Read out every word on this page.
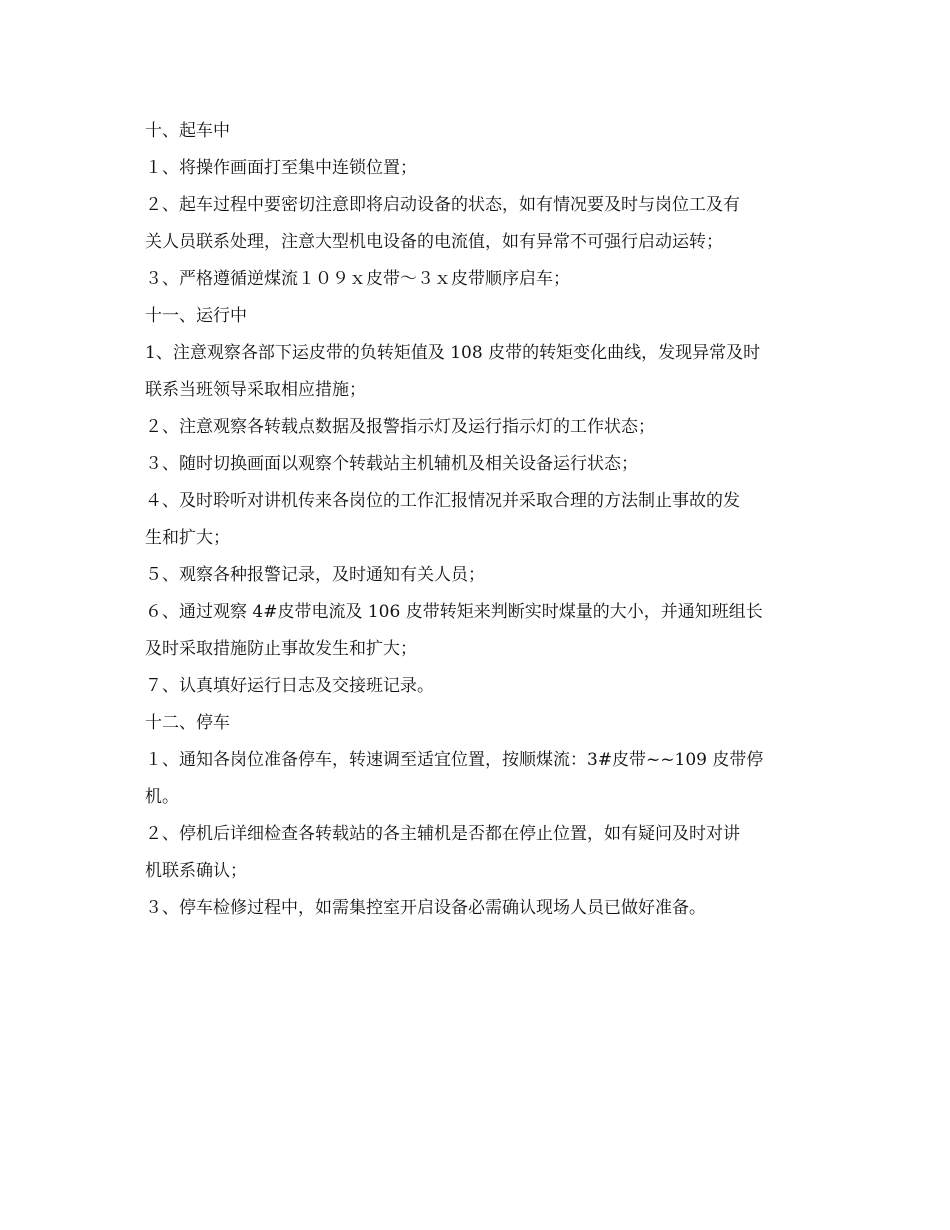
十、起车中

１、将操作画面打至集中连锁位置；

２、起车过程中要密切注意即将启动设备的状态，如有情况要及时与岗位工及有

关人员联系处理，注意大型机电设备的电流值，如有异常不可强行启动运转；

３、严格遵循逆煤流１０９ｘ皮带～３ｘ皮带顺序启车；

十一、运行中

1、注意观察各部下运皮带的负转矩值及 108 皮带的转矩变化曲线，发现异常及时

联系当班领导采取相应措施；

２、注意观察各转载点数据及报警指示灯及运行指示灯的工作状态；

３、随时切换画面以观察个转载站主机辅机及相关设备运行状态；

４、及时聆听对讲机传来各岗位的工作汇报情况并采取合理的方法制止事故的发

生和扩大；

５、观察各种报警记录，及时通知有关人员；

６、通过观察 4#皮带电流及 106 皮带转矩来判断实时煤量的大小，并通知班组长

及时采取措施防止事故发生和扩大；

７、认真填好运行日志及交接班记录。

十二、停车

１、通知各岗位准备停车，转速调至适宜位置，按顺煤流：3#皮带~~109 皮带停

机。

２、停机后详细检查各转载站的各主辅机是否都在停止位置，如有疑问及时对讲

机联系确认；

３、停车检修过程中，如需集控室开启设备必需确认现场人员已做好准备。
